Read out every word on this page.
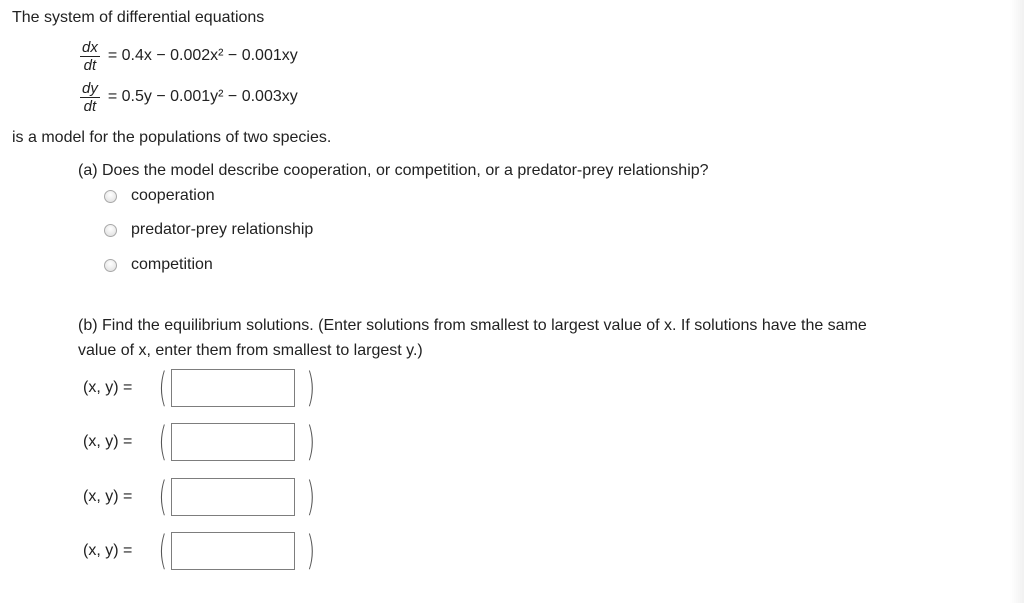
The system of differential equations
$\frac{dx}{dt} = 0.4x - 0.002x^2 - 0.001xy$
$\frac{dy}{dt} = 0.5y - 0.001y^2 - 0.003xy$
is a model for the populations of two species.
(a) Does the model describe cooperation, or competition, or a predator-prey relationship?
cooperation
predator-prey relationship
competition
(b) Find the equilibrium solutions. (Enter solutions from smallest to largest value of x. If solutions have the same
value of x, enter them from smallest to largest y.)
(x, y) = (	)
(x, y) = (	)
(x, y) = (	)
(x, y) = (	)
